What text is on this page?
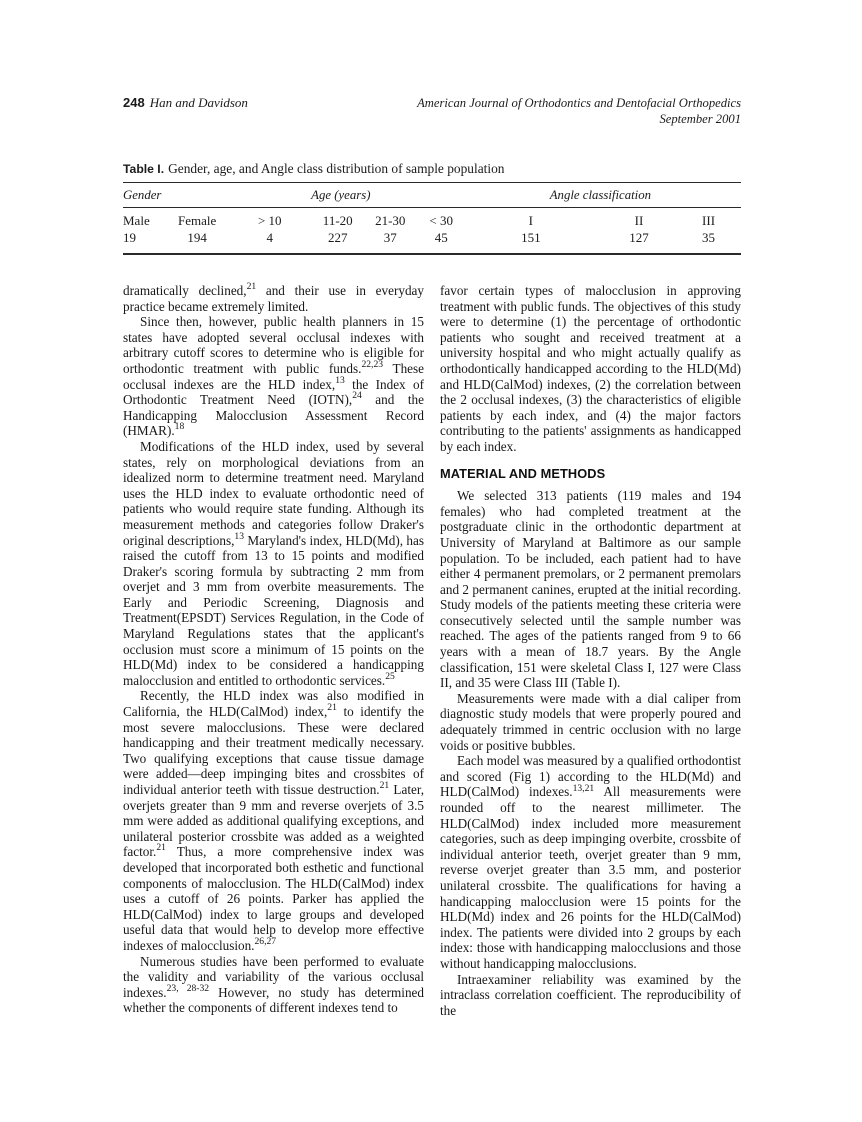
248 Han and Davidson	American Journal of Orthodontics and Dentofacial Orthopedics
September 2001
Table I. Gender, age, and Angle class distribution of sample population
Gender		Age (years)				Angle classification		
Male	Female	> 10	11-20	21-30	< 30	I	II	III
19	194	4	227	37	45	151	127	35

dramatically declined,$^{21}$ and their use in everyday practice became extremely limited.

Since then, however, public health planners in 15 states have adopted several occlusal indexes with arbitrary cutoff scores to determine who is eligible for orthodontic treatment with public funds.$^{22,23}$ These occlusal indexes are the HLD index,$^{13}$ the Index of Orthodontic Treatment Need (IOTN),$^{24}$ and the Handicapping Malocclusion Assessment Record (HMAR).$^{18}$

Modifications of the HLD index, used by several states, rely on morphological deviations from an idealized norm to determine treatment need. Maryland uses the HLD index to evaluate orthodontic need of patients who would require state funding. Although its measurement methods and categories follow Draker's original descriptions,$^{13}$ Maryland's index, HLD(Md), has raised the cutoff from 13 to 15 points and modified Draker's scoring formula by subtracting 2 mm from overjet and 3 mm from overbite measurements. The Early and Periodic Screening, Diagnosis and Treatment(EPSDT) Services Regulation, in the Code of Maryland Regulations states that the applicant's occlusion must score a minimum of 15 points on the HLD(Md) index to be considered a handicapping malocclusion and entitled to orthodontic services.$^{25}$

Recently, the HLD index was also modified in California, the HLD(CalMod) index,$^{21}$ to identify the most severe malocclusions. These were declared handicapping and their treatment medically necessary. Two qualifying exceptions that cause tissue damage were added—deep impinging bites and crossbites of individual anterior teeth with tissue destruction.$^{21}$ Later, overjets greater than 9 mm and reverse overjets of 3.5 mm were added as additional qualifying exceptions, and unilateral posterior crossbite was added as a weighted factor.$^{21}$ Thus, a more comprehensive index was developed that incorporated both esthetic and functional components of malocclusion. The HLD(CalMod) index uses a cutoff of 26 points. Parker has applied the HLD(CalMod) index to large groups and developed useful data that would help to develop more effective indexes of malocclusion.$^{26,27}$

Numerous studies have been performed to evaluate the validity and variability of the various occlusal indexes.$^{23, 28-32}$ However, no study has determined whether the components of different indexes tend to

favor certain types of malocclusion in approving treatment with public funds. The objectives of this study were to determine (1) the percentage of orthodontic patients who sought and received treatment at a university hospital and who might actually qualify as orthodontically handicapped according to the HLD(Md) and HLD(CalMod) indexes, (2) the correlation between the 2 occlusal indexes, (3) the characteristics of eligible patients by each index, and (4) the major factors contributing to the patients' assignments as handicapped by each index.

MATERIAL AND METHODS

We selected 313 patients (119 males and 194 females) who had completed treatment at the postgraduate clinic in the orthodontic department at University of Maryland at Baltimore as our sample population. To be included, each patient had to have either 4 permanent premolars, or 2 permanent premolars and 2 permanent canines, erupted at the initial recording. Study models of the patients meeting these criteria were consecutively selected until the sample number was reached. The ages of the patients ranged from 9 to 66 years with a mean of 18.7 years. By the Angle classification, 151 were skeletal Class I, 127 were Class II, and 35 were Class III (Table I).

Measurements were made with a dial caliper from diagnostic study models that were properly poured and adequately trimmed in centric occlusion with no large voids or positive bubbles.

Each model was measured by a qualified orthodontist and scored (Fig 1) according to the HLD(Md) and HLD(CalMod) indexes.$^{13,21}$ All measurements were rounded off to the nearest millimeter. The HLD(CalMod) index included more measurement categories, such as deep impinging overbite, crossbite of individual anterior teeth, overjet greater than 9 mm, reverse overjet greater than 3.5 mm, and posterior unilateral crossbite. The qualifications for having a handicapping malocclusion were 15 points for the HLD(Md) index and 26 points for the HLD(CalMod) index. The patients were divided into 2 groups by each index: those with handicapping malocclusions and those without handicapping malocclusions.

Intraexaminer reliability was examined by the intraclass correlation coefficient. The reproducibility of the
